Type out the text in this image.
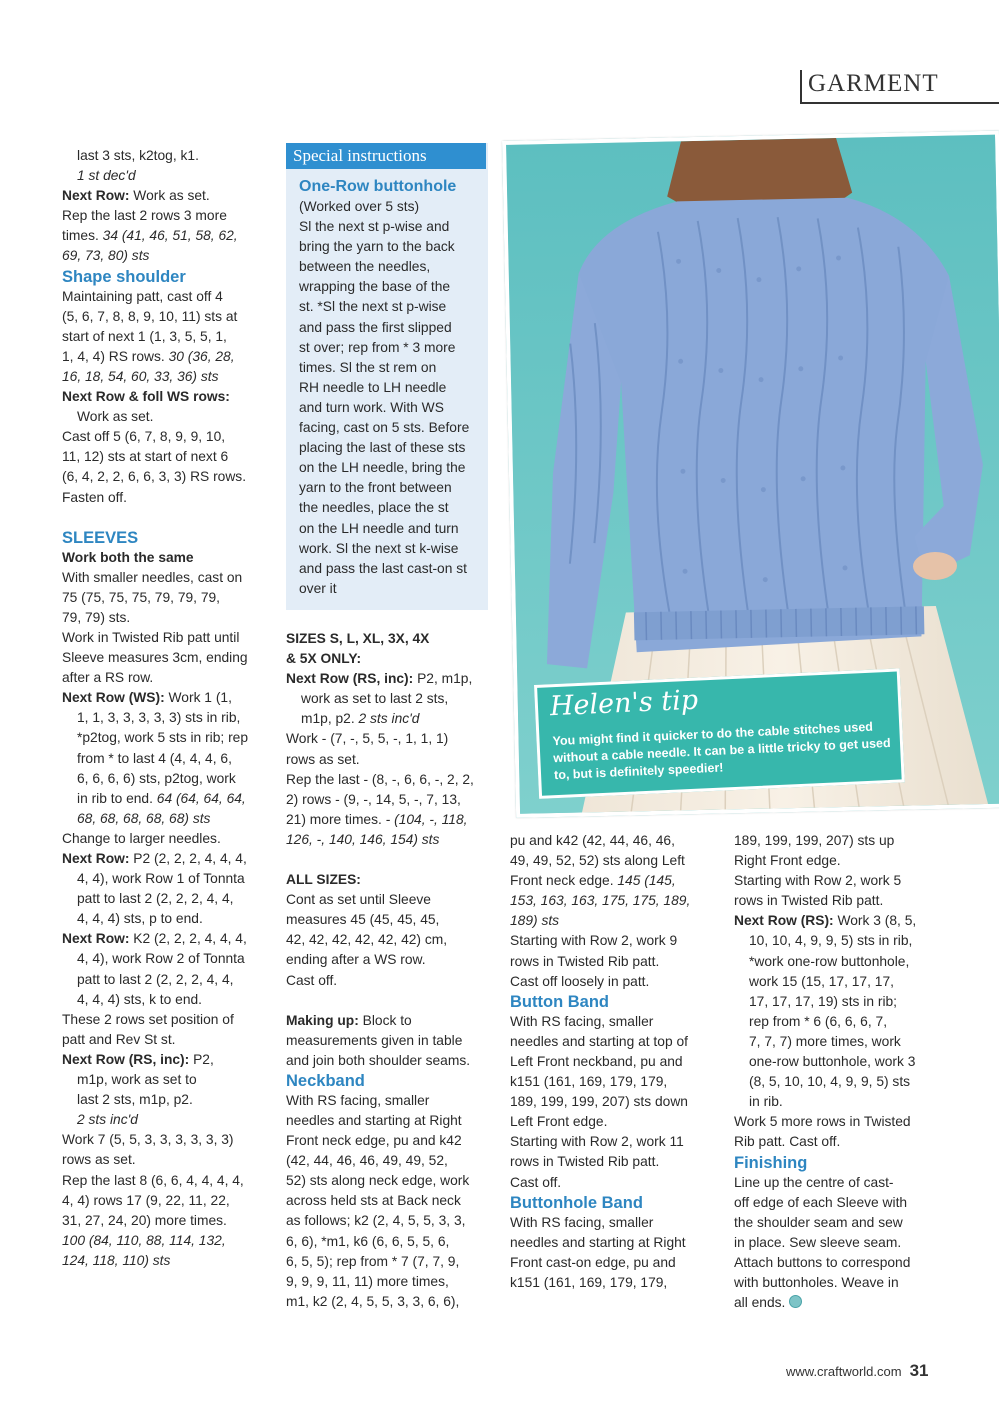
GARMENT

last 3 sts, k2tog, k1.

1 st dec'd

Next Row: Work as set.

Rep the last 2 rows 3 more

times. 34 (41, 46, 51, 58, 62,

69, 73, 80) sts

Shape shoulder

Maintaining patt, cast off 4

(5, 6, 7, 8, 8, 9, 10, 11) sts at

start of next 1 (1, 3, 5, 5, 1,

1, 4, 4) RS rows. 30 (36, 28,

16, 18, 54, 60, 33, 36) sts

Next Row & foll WS rows:

Work as set.

Cast off 5 (6, 7, 8, 9, 9, 10,

11, 12) sts at start of next 6

(6, 4, 2, 2, 6, 6, 3, 3) RS rows.

Fasten off.

SLEEVES

Work both the same

With smaller needles, cast on

75 (75, 75, 75, 79, 79, 79,

79, 79) sts.

Work in Twisted Rib patt until

Sleeve measures 3cm, ending

after a RS row.

Next Row (WS): Work 1 (1,

1, 1, 3, 3, 3, 3, 3) sts in rib,

*p2tog, work 5 sts in rib; rep

from * to last 4 (4, 4, 4, 6,

6, 6, 6, 6) sts, p2tog, work

in rib to end. 64 (64, 64, 64,

68, 68, 68, 68, 68) sts

Change to larger needles.

Next Row: P2 (2, 2, 2, 4, 4, 4,

4, 4), work Row 1 of Tonnta

patt to last 2 (2, 2, 2, 4, 4,

4, 4, 4) sts, p to end.

Next Row: K2 (2, 2, 2, 4, 4, 4,

4, 4), work Row 2 of Tonnta

patt to last 2 (2, 2, 2, 4, 4,

4, 4, 4) sts, k to end.

These 2 rows set position of

patt and Rev St st.

Next Row (RS, inc): P2,

m1p, work as set to

last 2 sts, m1p, p2.

2 sts inc'd

Work 7 (5, 5, 3, 3, 3, 3, 3, 3)

rows as set.

Rep the last 8 (6, 6, 4, 4, 4, 4,

4, 4) rows 17 (9, 22, 11, 22,

31, 27, 24, 20) more times.

100 (84, 110, 88, 114, 132,

124, 118, 110) sts

Special instructions

One-Row buttonhole

(Worked over 5 sts)

Sl the next st p-wise and

bring the yarn to the back

between the needles,

wrapping the base of the

st. *Sl the next st p-wise

and pass the first slipped

st over; rep from * 3 more

times. Sl the st rem on

RH needle to LH needle

and turn work. With WS

facing, cast on 5 sts. Before

placing the last of these sts

on the LH needle, bring the

yarn to the front between

the needles, place the st

on the LH needle and turn

work. Sl the next st k-wise

and pass the last cast-on st

over it

SIZES S, L, XL, 3X, 4X

& 5X ONLY:

Next Row (RS, inc): P2, m1p,

work as set to last 2 sts,

m1p, p2. 2 sts inc'd

Work - (7, -, 5, 5, -, 1, 1, 1)

rows as set.

Rep the last - (8, -, 6, 6, -, 2, 2,

2) rows - (9, -, 14, 5, -, 7, 13,

21) more times. - (104, -, 118,

126, -, 140, 146, 154) sts

ALL SIZES:

Cont as set until Sleeve

measures 45 (45, 45, 45,

42, 42, 42, 42, 42, 42) cm,

ending after a WS row.

Cast off.

Making up: Block to

measurements given in table

and join both shoulder seams.

Neckband

With RS facing, smaller

needles and starting at Right

Front neck edge, pu and k42

(42, 44, 46, 46, 49, 49, 52,

52) sts along neck edge, work

across held sts at Back neck

as follows; k2 (2, 4, 5, 5, 3, 3,

6, 6), *m1, k6 (6, 6, 5, 5, 6,

6, 5, 5); rep from * 7 (7, 7, 9,

9, 9, 9, 11, 11) more times,

m1, k2 (2, 4, 5, 5, 3, 3, 6, 6),

Helen's tip
You might find it quicker to do the cable stitches used without a cable needle. It can be a little tricky to get used to, but is definitely speedier!

pu and k42 (42, 44, 46, 46,

49, 49, 52, 52) sts along Left

Front neck edge. 145 (145,

153, 163, 163, 175, 175, 189,

189) sts

Starting with Row 2, work 9

rows in Twisted Rib patt.

Cast off loosely in patt.

Button Band

With RS facing, smaller

needles and starting at top of

Left Front neckband, pu and

k151 (161, 169, 179, 179,

189, 199, 199, 207) sts down

Left Front edge.

Starting with Row 2, work 11

rows in Twisted Rib patt.

Cast off.

Buttonhole Band

With RS facing, smaller

needles and starting at Right

Front cast-on edge, pu and

k151 (161, 169, 179, 179,

189, 199, 199, 207) sts up

Right Front edge.

Starting with Row 2, work 5

rows in Twisted Rib patt.

Next Row (RS): Work 3 (8, 5,

10, 10, 4, 9, 9, 5) sts in rib,

*work one-row buttonhole,

work 15 (15, 17, 17, 17,

17, 17, 17, 19) sts in rib;

rep from * 6 (6, 6, 6, 7,

7, 7, 7) more times, work

one-row buttonhole, work 3

(8, 5, 10, 10, 4, 9, 9, 5) sts

in rib.

Work 5 more rows in Twisted

Rib patt. Cast off.

Finishing

Line up the centre of cast-

off edge of each Sleeve with

the shoulder seam and sew

in place. Sew sleeve seam.

Attach buttons to correspond

with buttonholes. Weave in

all ends.

www.craftworld.com 31
